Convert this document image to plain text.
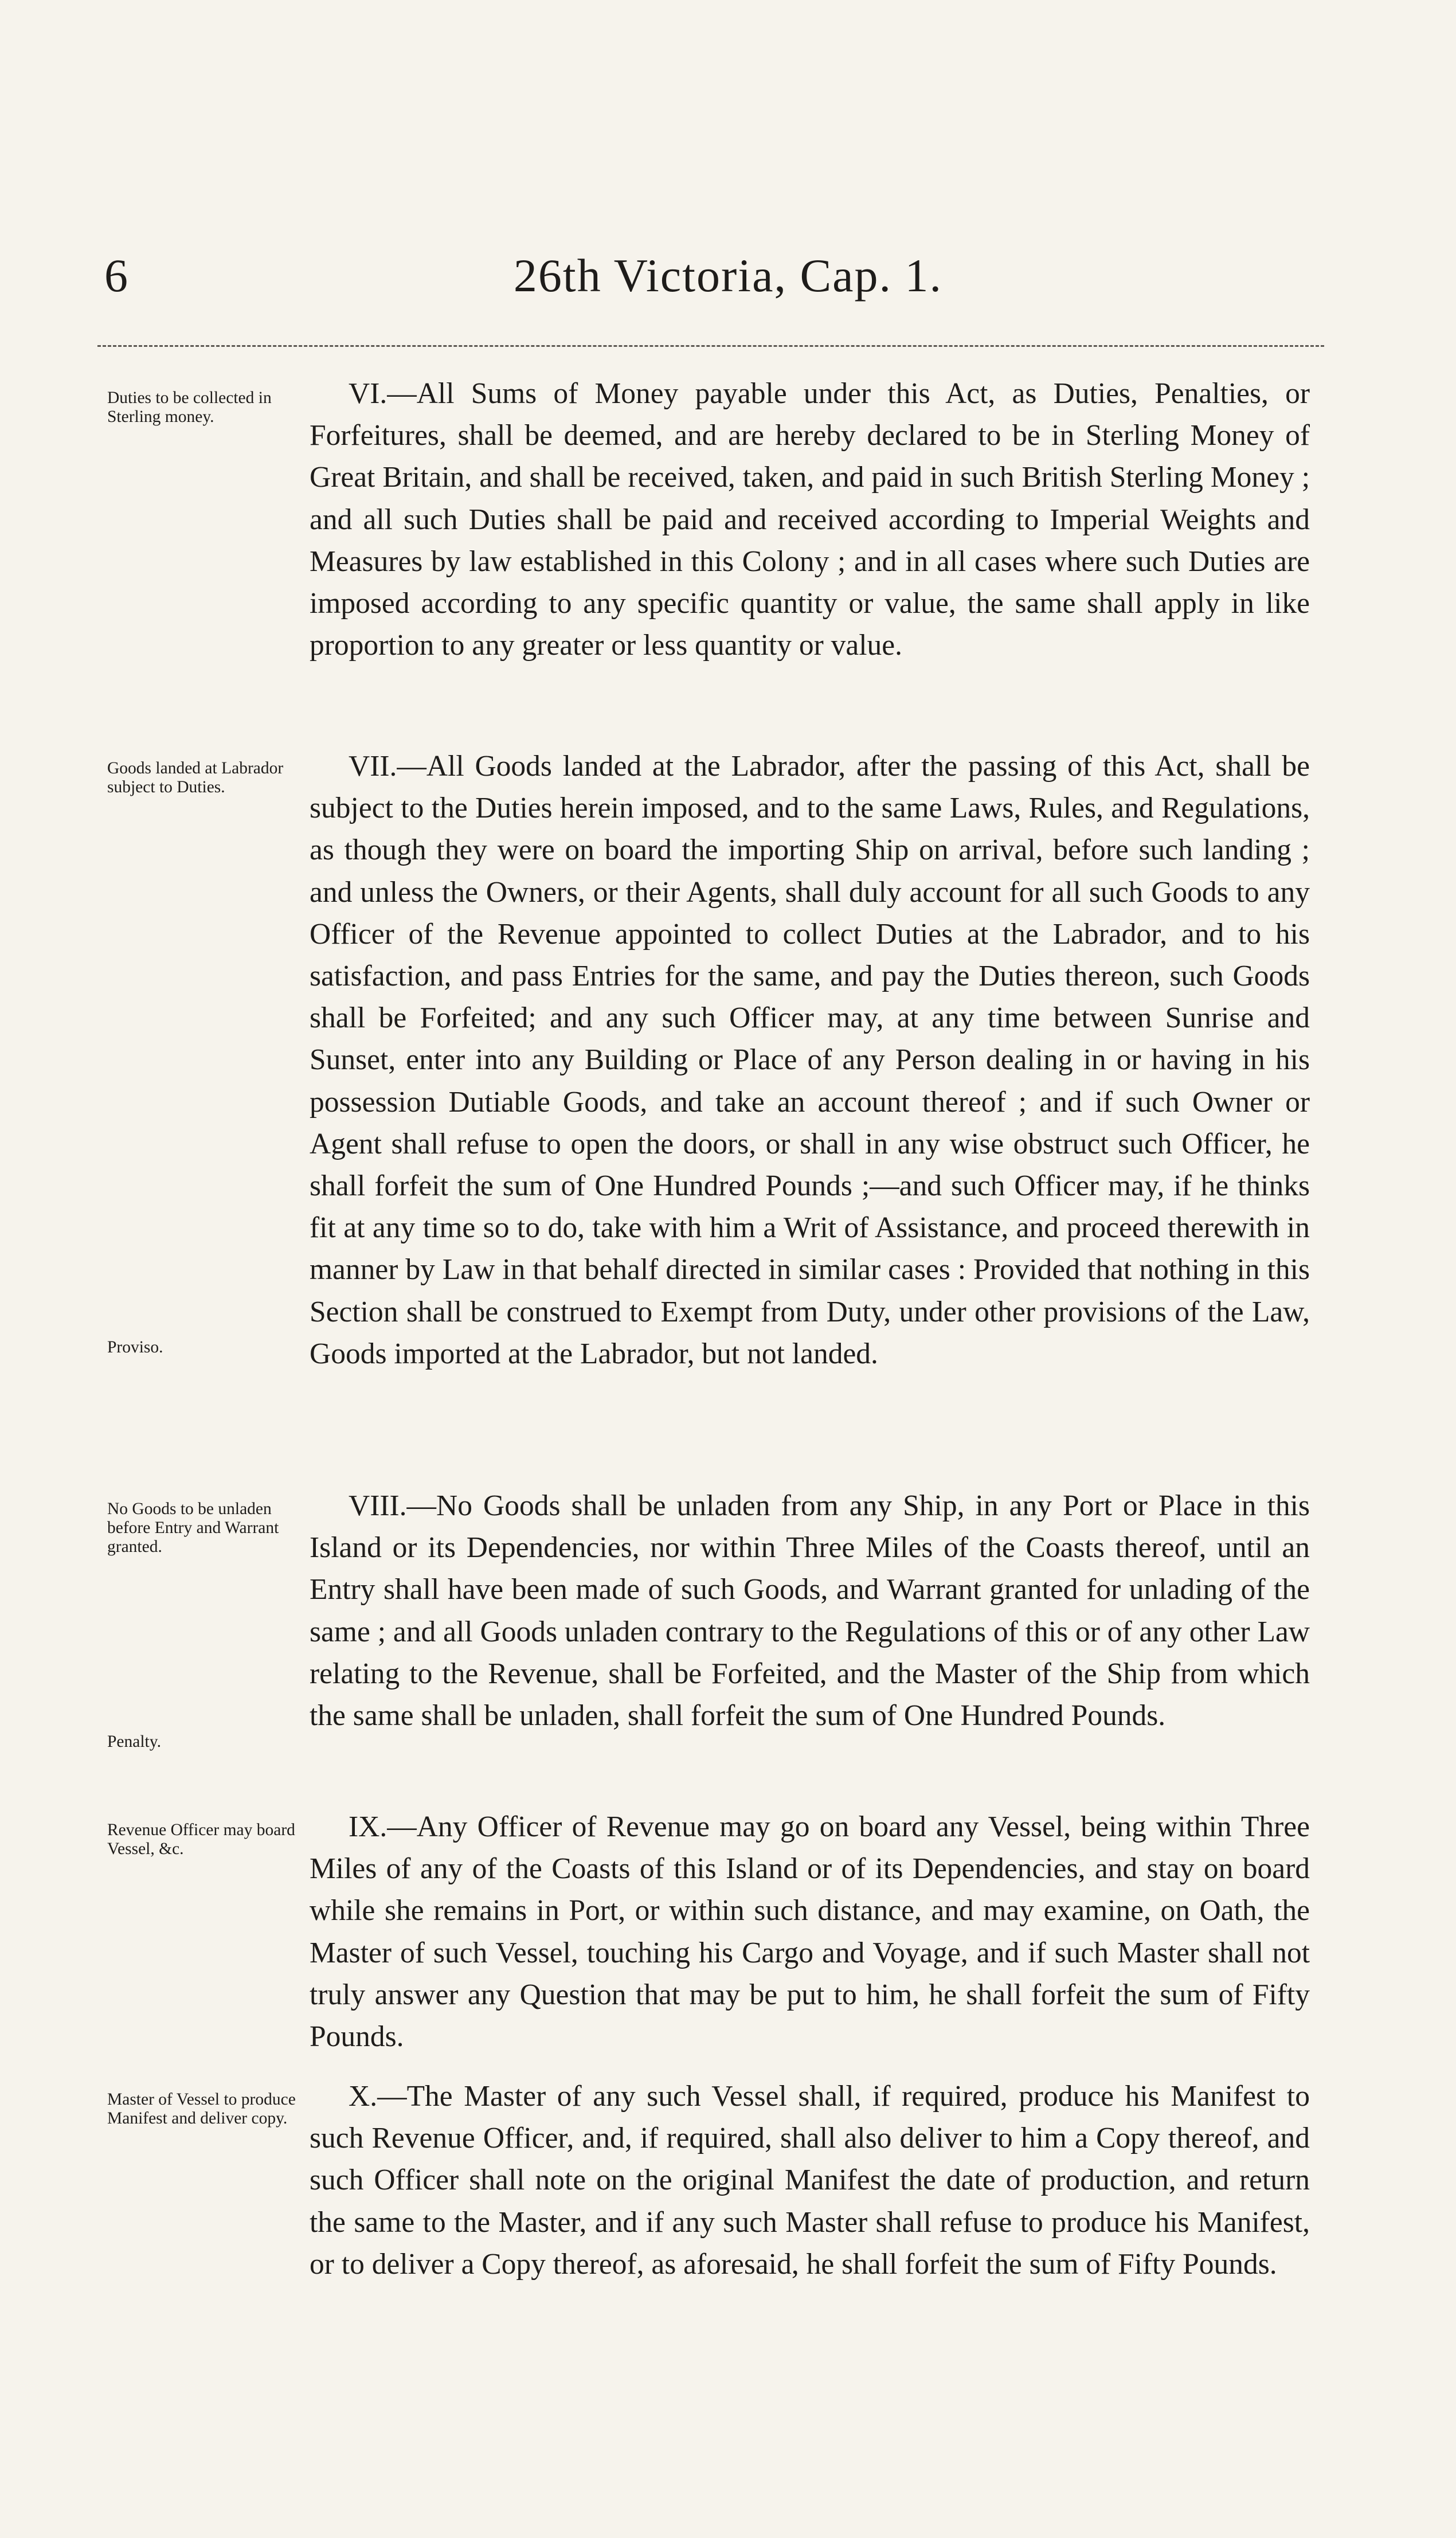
6	26th Victoria, Cap. 1.

Duties to be collected in Sterling money.

VI.—All Sums of Money payable under this Act, as Duties, Penalties, or Forfeitures, shall be deemed, and are hereby declared to be in Sterling Money of Great Britain, and shall be received, taken, and paid in such British Sterling Money ; and all such Duties shall be paid and received according to Imperial Weights and Measures by law established in this Colony ; and in all cases where such Duties are imposed according to any specific quantity or value, the same shall apply in like proportion to any greater or less quantity or value.

Goods landed at Labrador subject to Duties.

Proviso.

VII.—All Goods landed at the Labrador, after the passing of this Act, shall be subject to the Duties herein imposed, and to the same Laws, Rules, and Regulations, as though they were on board the importing Ship on arrival, before such landing ; and unless the Owners, or their Agents, shall duly account for all such Goods to any Officer of the Revenue appointed to collect Duties at the Labrador, and to his satisfaction, and pass Entries for the same, and pay the Duties thereon, such Goods shall be Forfeited; and any such Officer may, at any time between Sunrise and Sunset, enter into any Building or Place of any Person dealing in or having in his possession Dutiable Goods, and take an account thereof ; and if such Owner or Agent shall refuse to open the doors, or shall in any wise obstruct such Officer, he shall forfeit the sum of One Hundred Pounds ;—and such Officer may, if he thinks fit at any time so to do, take with him a Writ of Assistance, and proceed therewith in manner by Law in that behalf directed in similar cases : Provided that nothing in this Section shall be construed to Exempt from Duty, under other provisions of the Law, Goods imported at the Labrador, but not landed.

No Goods to be unladen before Entry and Warrant granted.

Penalty.

VIII.—No Goods shall be unladen from any Ship, in any Port or Place in this Island or its Dependencies, nor within Three Miles of the Coasts thereof, until an Entry shall have been made of such Goods, and Warrant granted for unlading of the same ; and all Goods unladen contrary to the Regulations of this or of any other Law relating to the Revenue, shall be Forfeited, and the Master of the Ship from which the same shall be unladen, shall forfeit the sum of One Hundred Pounds.

Revenue Officer may board Vessel, &c.

IX.—Any Officer of Revenue may go on board any Vessel, being within Three Miles of any of the Coasts of this Island or of its Dependencies, and stay on board while she remains in Port, or within such distance, and may examine, on Oath, the Master of such Vessel, touching his Cargo and Voyage, and if such Master shall not truly answer any Question that may be put to him, he shall forfeit the sum of Fifty Pounds.

Master of Vessel to produce Manifest and deliver copy.

X.—The Master of any such Vessel shall, if required, produce his Manifest to such Revenue Officer, and, if required, shall also deliver to him a Copy thereof, and such Officer shall note on the original Manifest the date of production, and return the same to the Master, and if any such Master shall refuse to produce his Manifest, or to deliver a Copy thereof, as aforesaid, he shall forfeit the sum of Fifty Pounds.
